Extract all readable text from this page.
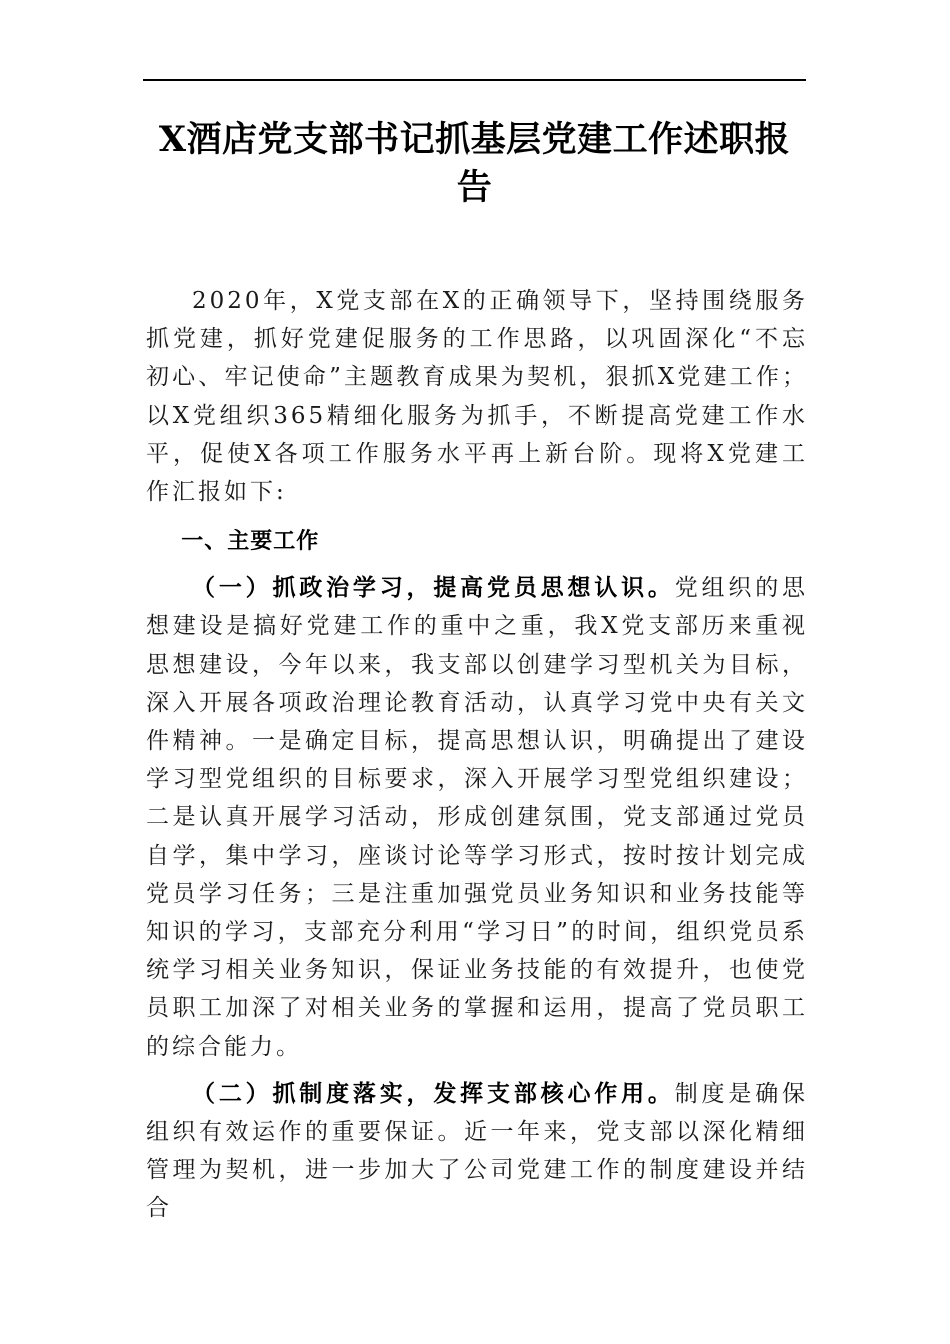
X酒店党支部书记抓基层党建工作述职报告

2020年，X党支部在X的正确领导下，坚持围绕服务抓党建，抓好党建促服务的工作思路，以巩固深化“不忘初心、牢记使命”主题教育成果为契机，狠抓X党建工作；以X党组织365精细化服务为抓手，不断提高党建工作水平，促使X各项工作服务水平再上新台阶。现将X党建工作汇报如下:

一、主要工作

（一）抓政治学习，提高党员思想认识。党组织的思想建设是搞好党建工作的重中之重，我X党支部历来重视思想建设，今年以来，我支部以创建学习型机关为目标，深入开展各项政治理论教育活动，认真学习党中央有关文件精神。一是确定目标，提高思想认识，明确提出了建设学习型党组织的目标要求，深入开展学习型党组织建设；二是认真开展学习活动，形成创建氛围，党支部通过党员自学，集中学习，座谈讨论等学习形式，按时按计划完成党员学习任务；三是注重加强党员业务知识和业务技能等知识的学习，支部充分利用“学习日”的时间，组织党员系统学习相关业务知识，保证业务技能的有效提升，也使党员职工加深了对相关业务的掌握和运用，提高了党员职工的综合能力。

（二）抓制度落实，发挥支部核心作用。制度是确保组织有效运作的重要保证。近一年来，党支部以深化精细管理为契机，进一步加大了公司党建工作的制度建设并结合
